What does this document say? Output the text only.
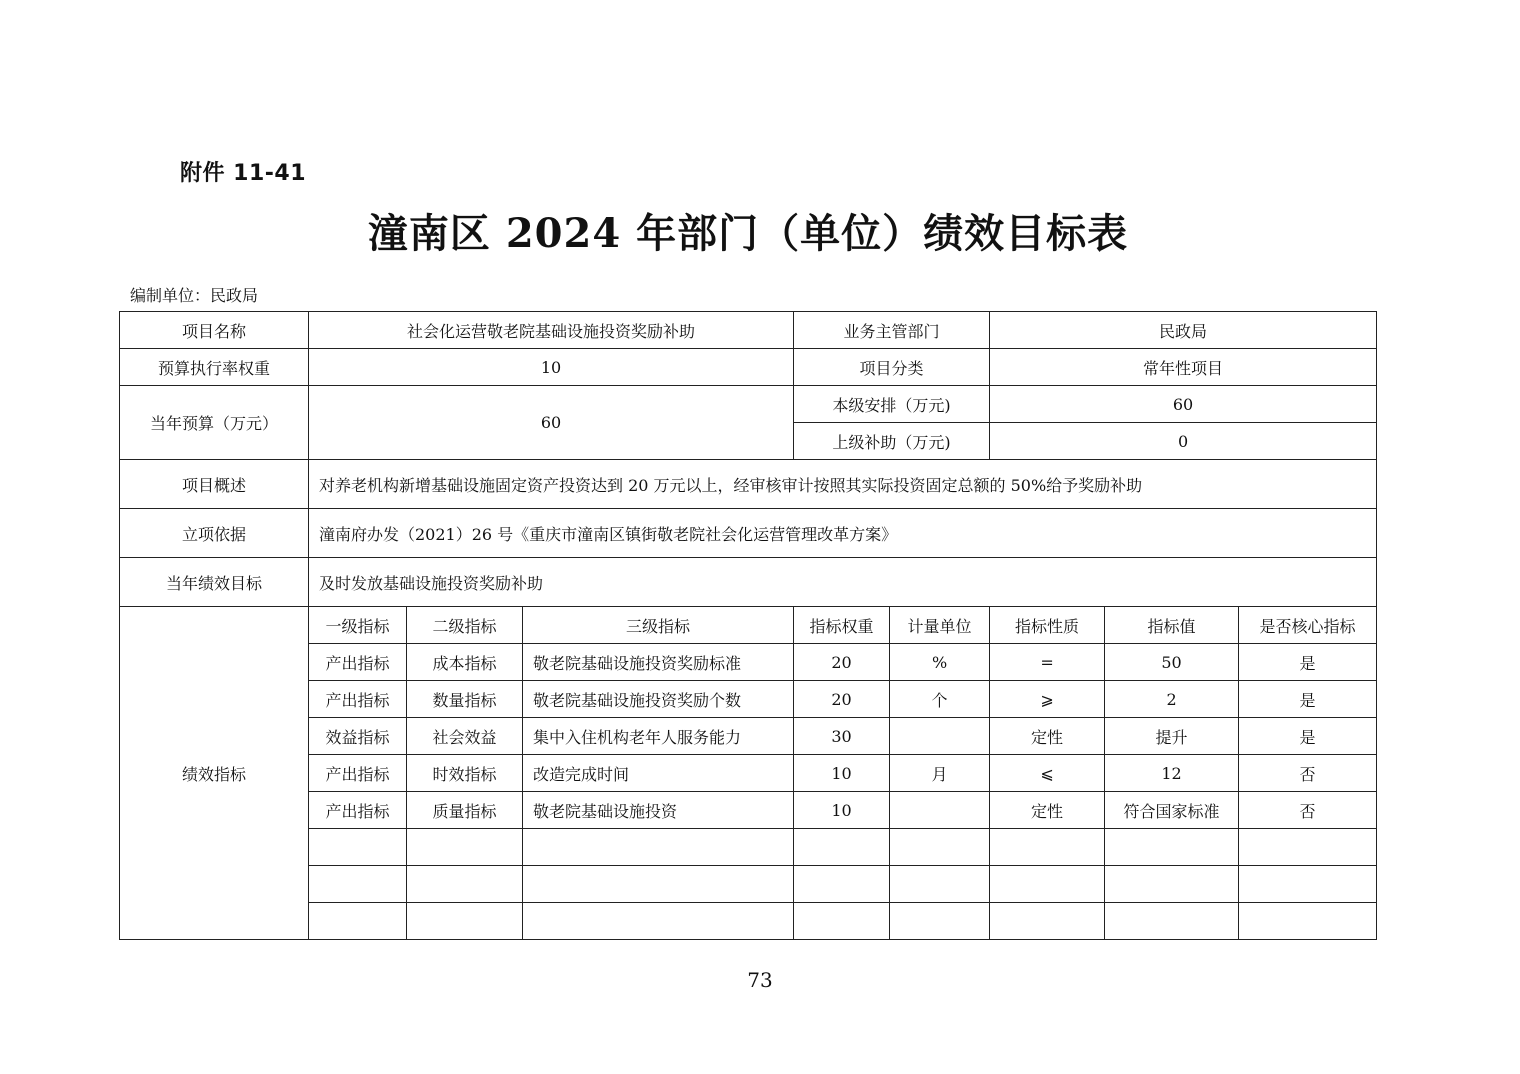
附件 11-41
潼南区 2024 年部门（单位）绩效目标表
编制单位：民政局
项目名称	社会化运营敬老院基础设施投资奖励补助			业务主管部门		民政局		
预算执行率权重	10			项目分类		常年性项目		
当年预算（万元）	60			本级安排（万元)		60		
				上级补助（万元)		0		
项目概述	对养老机构新增基础设施固定资产投资达到 20 万元以上，经审核审计按照其实际投资固定总额的 50%给予奖励补助							
立项依据	潼南府办发（2021）26 号《重庆市潼南区镇街敬老院社会化运营管理改革方案》							
当年绩效目标	及时发放基础设施投资奖励补助							
绩效指标	一级指标	二级指标	三级指标	指标权重	计量单位	指标性质	指标值	是否核心指标
	产出指标	成本指标	敬老院基础设施投资奖励标准	20	%	=	50	是
	产出指标	数量指标	敬老院基础设施投资奖励个数	20	个	⩾	2	是
	效益指标	社会效益	集中入住机构老年人服务能力	30		定性	提升	是
	产出指标	时效指标	改造完成时间	10	月	⩽	12	否
	产出指标	质量指标	敬老院基础设施投资	10		定性	符合国家标准	否

73
